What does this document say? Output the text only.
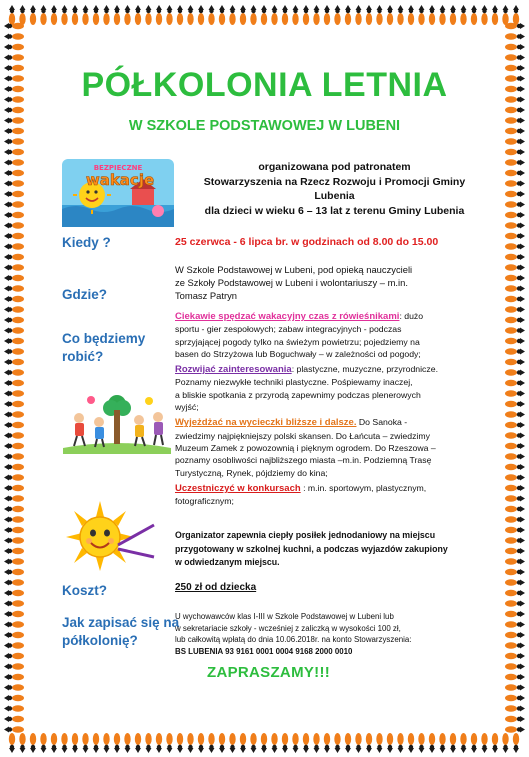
PÓŁKOLONIA LETNIA
W SZKOLE PODSTAWOWEJ W LUBENI
BEZPIECZNE
wakacje
organizowana pod patronatem
Stowarzyszenia na Rzecz Rozwoju i Promocji Gminy
Lubenia
dla dzieci w wieku 6 – 13 lat z terenu Gminy Lubenia
Kiedy ?
Gdzie?
Co będziemy
robić?
Koszt?
Jak zapisać się na
półkolonię?
25 czerwca - 6 lipca br. w godzinach od 8.00 do 15.00
W Szkole Podstawowej w Lubeni, pod opieką nauczycieli
ze Szkoły Podstawowej w Lubeni i wolontariuszy – m.in.
Tomasz Patryn
Ciekawie spędzać wakacyjny czas z rówieśnikami: dużo
sportu - gier zespołowych; zabaw integracyjnych - podczas
sprzyjającej pogody tylko na świeżym powietrzu; pojedziemy na
basen do Strzyżowa lub Boguchwały – w zależności od pogody;
Rozwijać zainteresowania: plastyczne, muzyczne, przyrodnicze.
Poznamy niezwykłe techniki plastyczne. Pośpiewamy inaczej,
a bliskie spotkania z przyrodą zapewnimy podczas plenerowych
wyjść;
Wyjeżdżać na wycieczki bliższe i dalsze. Do Sanoka -
zwiedzimy najpiękniejszy polski skansen. Do Łańcuta – zwiedzimy
Muzeum Zamek z powozownią i pięknym ogrodem. Do Rzeszowa –
poznamy osobliwości najbliższego miasta –m.in. Podziemną Trasę
Turystyczną, Rynek, pójdziemy do kina;
Uczestniczyć w konkursach : m.in. sportowym, plastycznym,
fotograficznym;
Organizator zapewnia ciepły posiłek jednodaniowy na miejscu
przygotowany w szkolnej kuchni, a podczas wyjazdów zakupiony
w odwiedzanym miejscu.
250 zł od dziecka
U wychowawców klas I-III w Szkole Podstawowej w Lubeni lub
w sekretariacie szkoły - wcześniej z zaliczką w wysokości 100 zł,
lub całkowitą wpłatą do dnia 10.06.2018r. na konto Stowarzyszenia:
BS LUBENIA 93 9161 0001 0004 9168 2000 0010
ZAPRASZAMY!!!
